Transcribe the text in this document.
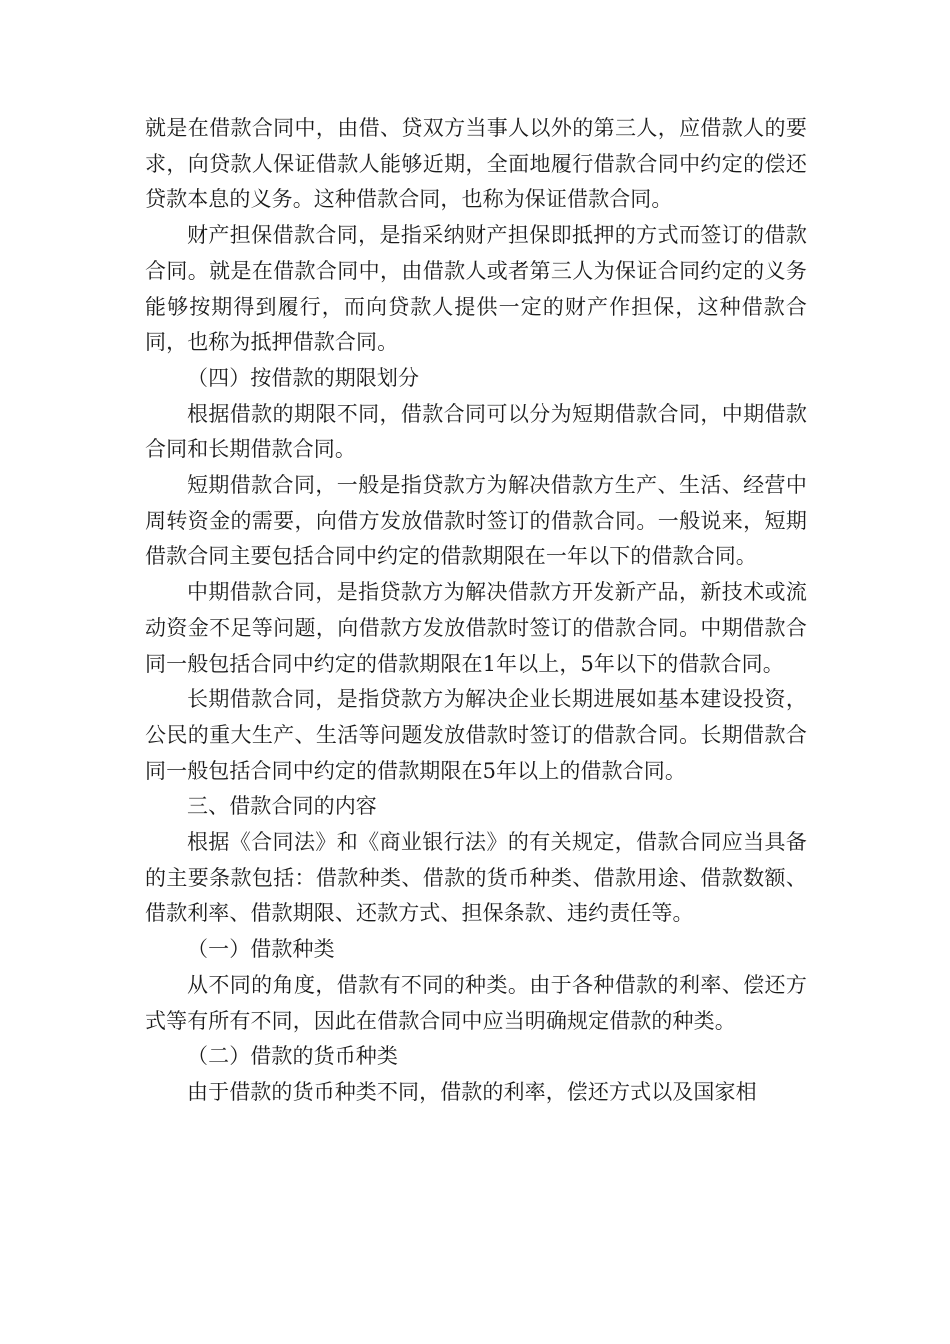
就是在借款合同中，由借、贷双方当事人以外的第三人，应借款人的要求，向贷款人保证借款人能够近期，全面地履行借款合同中约定的偿还贷款本息的义务。这种借款合同，也称为保证借款合同。

财产担保借款合同，是指采纳财产担保即抵押的方式而签订的借款合同。就是在借款合同中，由借款人或者第三人为保证合同约定的义务能够按期得到履行，而向贷款人提供一定的财产作担保，这种借款合同，也称为抵押借款合同。

（四）按借款的期限划分

根据借款的期限不同，借款合同可以分为短期借款合同，中期借款合同和长期借款合同。

短期借款合同，一般是指贷款方为解决借款方生产、生活、经营中周转资金的需要，向借方发放借款时签订的借款合同。一般说来，短期借款合同主要包括合同中约定的借款期限在一年以下的借款合同。

中期借款合同，是指贷款方为解决借款方开发新产品，新技术或流动资金不足等问题，向借款方发放借款时签订的借款合同。中期借款合同一般包括合同中约定的借款期限在1年以上，5年以下的借款合同。

长期借款合同，是指贷款方为解决企业长期进展如基本建设投资，公民的重大生产、生活等问题发放借款时签订的借款合同。长期借款合同一般包括合同中约定的借款期限在5年以上的借款合同。

三、借款合同的内容

根据《合同法》和《商业银行法》的有关规定，借款合同应当具备的主要条款包括：借款种类、借款的货币种类、借款用途、借款数额、借款利率、借款期限、还款方式、担保条款、违约责任等。

（一）借款种类

从不同的角度，借款有不同的种类。由于各种借款的利率、偿还方式等有所有不同，因此在借款合同中应当明确规定借款的种类。

（二）借款的货币种类

由于借款的货币种类不同，借款的利率，偿还方式以及国家相
